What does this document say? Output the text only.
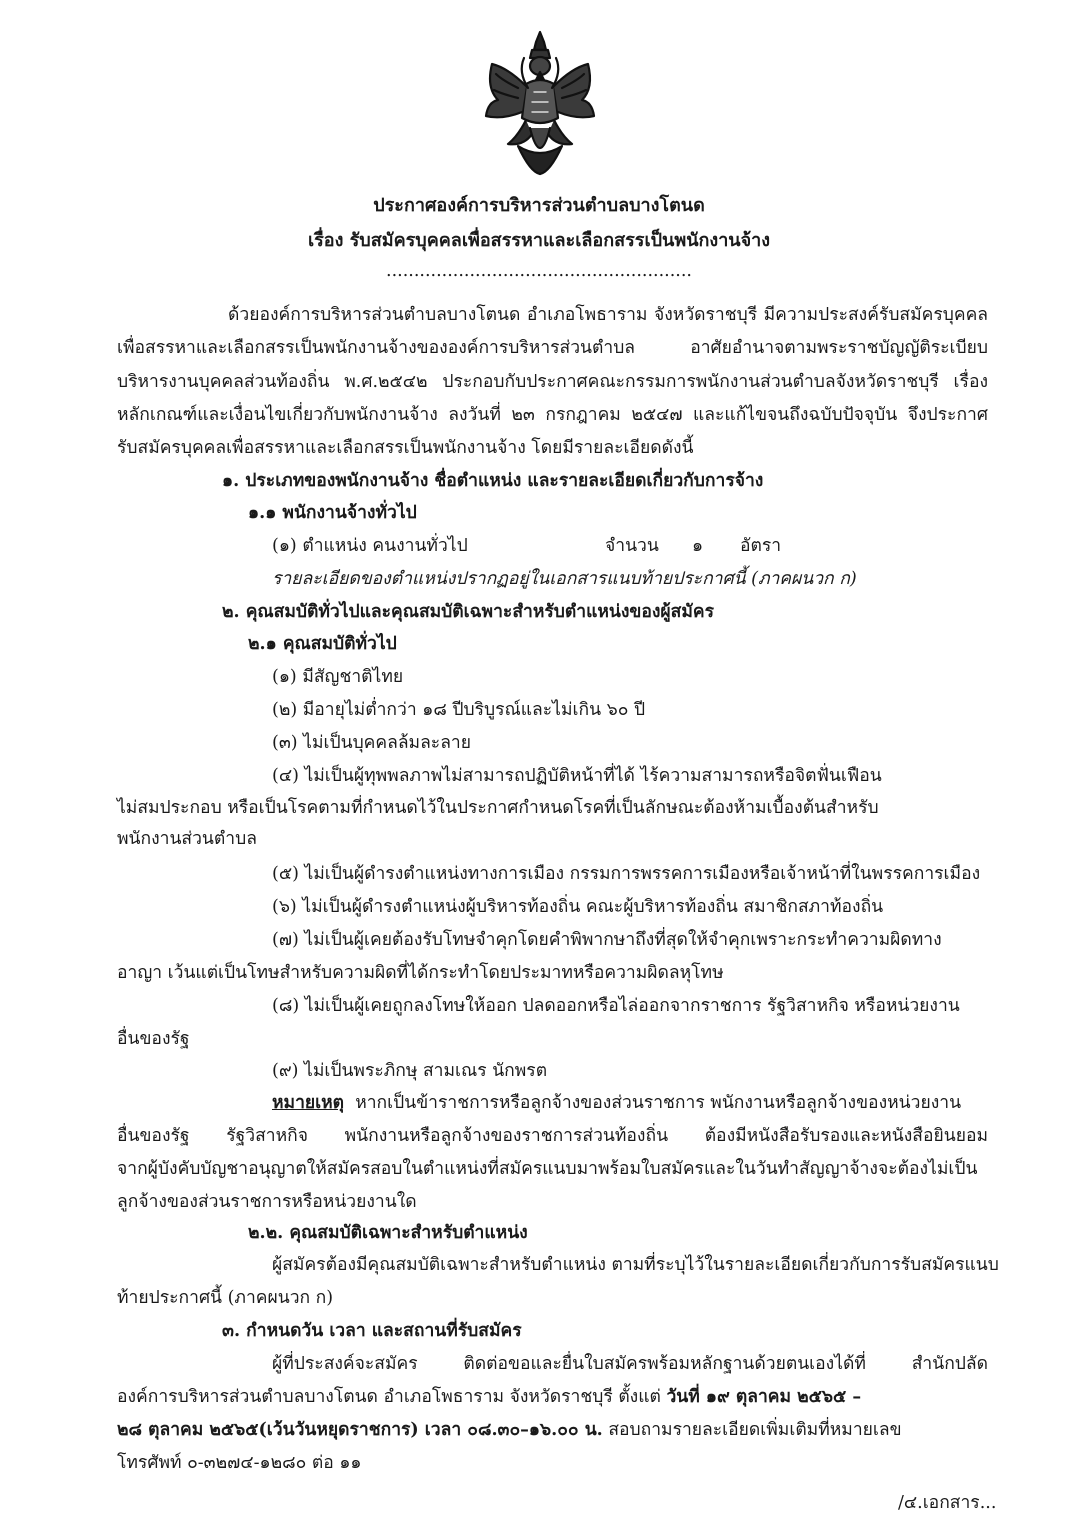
ประกาศองค์การบริหารส่วนตำบลบางโตนด
เรื่อง รับสมัครบุคคลเพื่อสรรหาและเลือกสรรเป็นพนักงานจ้าง
.......................................................
ด้วยองค์การบริหารส่วนตำบลบางโตนด อำเภอโพธาราม จังหวัดราชบุรี มีความประสงค์รับสมัครบุคคล
เพื่อสรรหาและเลือกสรรเป็นพนักงานจ้างขององค์การบริหารส่วนตำบล อาศัยอำนาจตามพระราชบัญญัติระเบียบ
บริหารงานบุคคลส่วนท้องถิ่น พ.ศ.๒๕๔๒ ประกอบกับประกาศคณะกรรมการพนักงานส่วนตำบลจังหวัดราชบุรี เรื่อง
หลักเกณฑ์และเงื่อนไขเกี่ยวกับพนักงานจ้าง ลงวันที่ ๒๓ กรกฎาคม ๒๕๔๗ และแก้ไขจนถึงฉบับปัจจุบัน จึงประกาศ
รับสมัครบุคคลเพื่อสรรหาและเลือกสรรเป็นพนักงานจ้าง โดยมีรายละเอียดดังนี้
๑. ประเภทของพนักงานจ้าง ชื่อตำแหน่ง และรายละเอียดเกี่ยวกับการจ้าง
๑.๑ พนักงานจ้างทั่วไป
(๑) ตำแหน่ง คนงานทั่วไป	จำนวน ๑ อัตรา
รายละเอียดของตำแหน่งปรากฏอยู่ในเอกสารแนบท้ายประกาศนี้ (ภาคผนวก ก)
๒. คุณสมบัติทั่วไปและคุณสมบัติเฉพาะสำหรับตำแหน่งของผู้สมัคร
๒.๑ คุณสมบัติทั่วไป
(๑) มีสัญชาติไทย
(๒) มีอายุไม่ต่ำกว่า ๑๘ ปีบริบูรณ์และไม่เกิน ๖๐ ปี
(๓) ไม่เป็นบุคคลล้มละลาย
(๔) ไม่เป็นผู้ทุพพลภาพไม่สามารถปฏิบัติหน้าที่ได้ ไร้ความสามารถหรือจิตฟั่นเฟือน
ไม่สมประกอบ หรือเป็นโรคตามที่กำหนดไว้ในประกาศกำหนดโรคที่เป็นลักษณะต้องห้ามเบื้องต้นสำหรับ
พนักงานส่วนตำบล
(๕) ไม่เป็นผู้ดำรงตำแหน่งทางการเมือง กรรมการพรรคการเมืองหรือเจ้าหน้าที่ในพรรคการเมือง
(๖) ไม่เป็นผู้ดำรงตำแหน่งผู้บริหารท้องถิ่น คณะผู้บริหารท้องถิ่น สมาชิกสภาท้องถิ่น
(๗) ไม่เป็นผู้เคยต้องรับโทษจำคุกโดยคำพิพากษาถึงที่สุดให้จำคุกเพราะกระทำความผิดทาง
อาญา เว้นแต่เป็นโทษสำหรับความผิดที่ได้กระทำโดยประมาทหรือความผิดลหุโทษ
(๘) ไม่เป็นผู้เคยถูกลงโทษให้ออก ปลดออกหรือไล่ออกจากราชการ รัฐวิสาหกิจ หรือหน่วยงาน
อื่นของรัฐ
(๙) ไม่เป็นพระภิกษุ สามเณร นักพรต
หมายเหตุ หากเป็นข้าราชการหรือลูกจ้างของส่วนราชการ พนักงานหรือลูกจ้างของหน่วยงาน
อื่นของรัฐ รัฐวิสาหกิจ พนักงานหรือลูกจ้างของราชการส่วนท้องถิ่น ต้องมีหนังสือรับรองและหนังสือยินยอม
จากผู้บังคับบัญชาอนุญาตให้สมัครสอบในตำแหน่งที่สมัครแนบมาพร้อมใบสมัครและในวันทำสัญญาจ้างจะต้องไม่เป็น
ลูกจ้างของส่วนราชการหรือหน่วยงานใด
๒.๒. คุณสมบัติเฉพาะสำหรับตำแหน่ง
ผู้สมัครต้องมีคุณสมบัติเฉพาะสำหรับตำแหน่ง ตามที่ระบุไว้ในรายละเอียดเกี่ยวกับการรับสมัครแนบ
ท้ายประกาศนี้ (ภาคผนวก ก)
๓. กำหนดวัน เวลา และสถานที่รับสมัคร
ผู้ที่ประสงค์จะสมัคร ติดต่อขอและยื่นใบสมัครพร้อมหลักฐานด้วยตนเองได้ที่ สำนักปลัด
องค์การบริหารส่วนตำบลบางโตนด อำเภอโพธาราม จังหวัดราชบุรี ตั้งแต่ วันที่ ๑๙ ตุลาคม ๒๕๖๕ –
๒๘ ตุลาคม ๒๕๖๕(เว้นวันหยุดราชการ) เวลา ๐๘.๓๐–๑๖.๐๐ น. สอบถามรายละเอียดเพิ่มเติมที่หมายเลข
โทรศัพท์ ๐-๓๒๗๔-๑๒๘๐ ต่อ ๑๑
/๔.เอกสาร...
